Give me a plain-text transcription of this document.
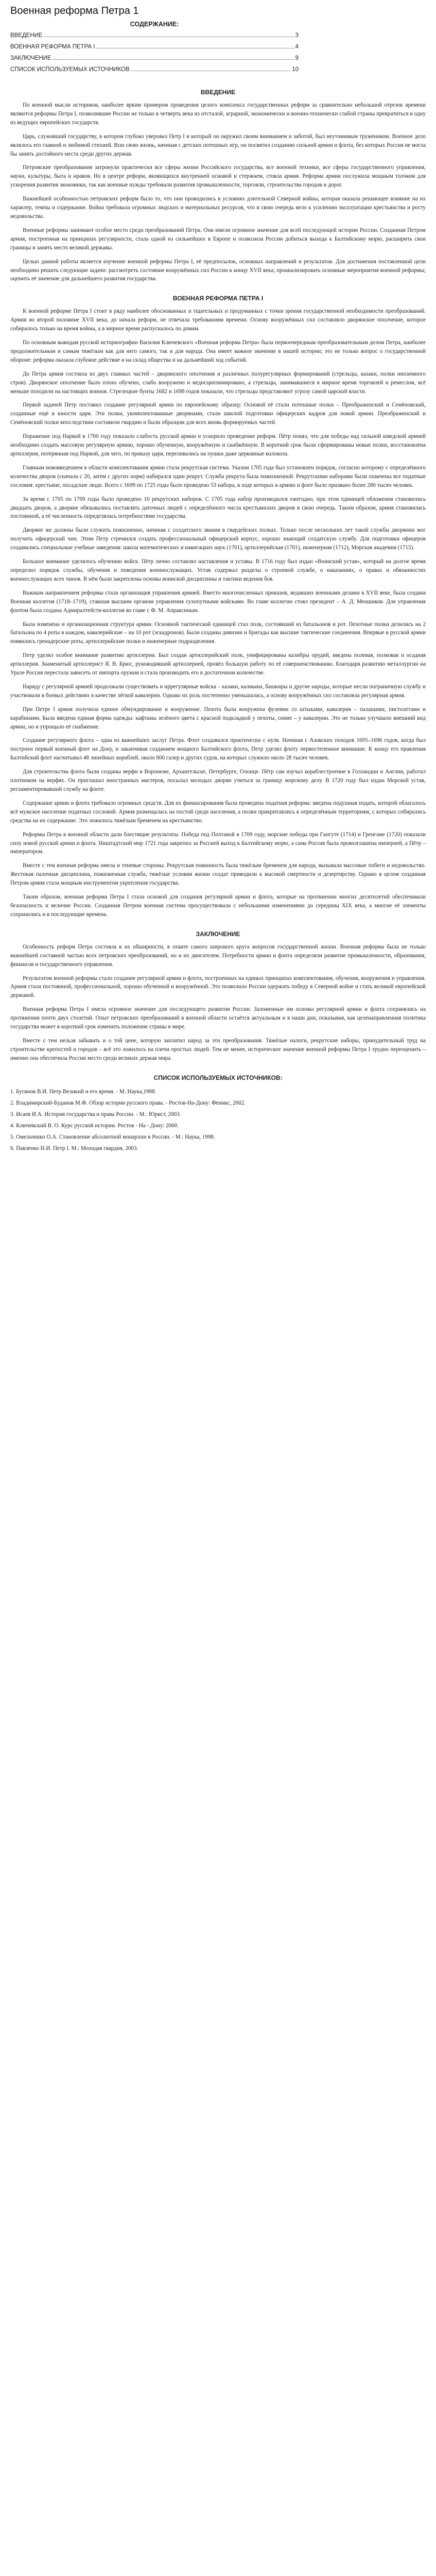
Военная реформа Петра 1
СОДЕРЖАНИЕ:
ВВЕДЕНИЕ	3
ВОЕННАЯ РЕФОРМА ПЕТРА I	4
ЗАКЛЮЧЕНИЕ	9
СПИСОК ИСПОЛЬЗУЕМЫХ ИСТОЧНИКОВ	10
ВВЕДЕНИЕ

По военной мысли историков, наиболее ярким примером проведения целого комплекса государственных реформ за сравнительно небольшой отрезок времени являются реформы Петра I, позволившие России не только в четверть века из отсталой, аграрной, экономически и военно-технически слабой страны превратиться в одну из ведущих европейских государств.

Царь, служивший государству, в котором глубоко уверовал Петр I и который он окружил своим вниманием и заботой, был неутомимым тружеником. Военное дело являлось его главной и любимой стихией. Всю свою жизнь, начиная с детских потешных игр, он посвятил созданию сильной армии и флота, без которых Россия не могла бы занять достойного места среди других держав.

Петровские преобразования затронули практически все сферы жизни Российского государства, все военной техники, все сферы государственного управления, науки, культуры, быта и нравов. Но в центре реформ, являющихся внутренней основой и стержнем, стояла армия. Реформа армии послужила мощным толчком для ускорения развития экономики, так как военные нужды требовали развития промышленности, торговли, строительства городов и дорог.

Важнейшей особенностью петровских реформ было то, что они проводились в условиях длительной Северной войны, которая оказала решающее влияние на их характер, темпы и содержание. Война требовала огромных людских и материальных ресурсов, что в свою очередь вело к усилению эксплуатации крестьянства и росту недовольства.

Военные реформы занимают особое место среди преобразований Петра. Они имели огромное значение для всей последующей истории России. Созданная Петром армия, построенная на принципах регулярности, стала одной из сильнейших в Европе и позволила России добиться выхода к Балтийскому морю, расширить свои границы и занять место великой державы.

Целью данной работы является изучение военной реформы Петра I, её предпосылок, основных направлений и результатов. Для достижения поставленной цели необходимо решить следующие задачи: рассмотреть состояние вооружённых сил России к концу XVII века; проанализировать основные мероприятия военной реформы; оценить её значение для дальнейшего развития государства.

ВОЕННАЯ РЕФОРМА ПЕТРА I

К военной реформе Петра I стоит в ряду наиболее обоснованных и тщательных и продуманных с точки зрения государственной необходимости преобразований. Армия во второй половине XVII века, до начала реформ, не отвечала требованиям времени. Основу вооружённых сил составляло дворянское ополчение, которое собиралось только на время войны, а в мирное время распускалось по домам.

По основным выводам русской историографии Василия Ключевского «Военная реформа Петра» была первоочередным преобразовательным делом Петра, наиболее продолжительным и самым тяжёлым как для него самого, так и для народа. Она имеет важное значение в нашей истории; это не только вопрос о государственной обороне: реформа оказала глубокое действие и на склад общества и на дальнейший ход событий.

До Петра армия состояла из двух главных частей – дворянского ополчения и различных полурегулярных формирований (стрельцы, казаки, полки иноземного строя). Дворянское ополчение было плохо обучено, слабо вооружено и недисциплинировано, а стрельцы, занимавшиеся в мирное время торговлей и ремеслом, всё меньше походили на настоящих воинов. Стрелецкие бунты 1682 и 1698 годов показали, что стрельцы представляют угрозу самой царской власти.

Первой задачей Петр поставил создание регулярной армии по европейскому образцу. Основой её стали потешные полки – Преображенский и Семёновский, созданные ещё в юности царя. Эти полки, укомплектованные дворянами, стали школой подготовки офицерских кадров для новой армии. Преображенский и Семёновский полки впоследствии составили гвардию и были образцом для всех вновь формируемых частей.

Поражение под Нарвой в 1700 году показало слабость русской армии и ускорило проведение реформ. Пётр понял, что для победы над сильной шведской армией необходимо создать массовую регулярную армию, хорошо обученную, вооружённую и снабжённую. В короткий срок были сформированы новые полки, восстановлена артиллерия, потерянная под Нарвой, для чего, по приказу царя, переливались на пушки даже церковные колокола.

Главным нововведением в области комплектования армии стала рекрутская система. Указом 1705 года был установлен порядок, согласно которому с определённого количества дворов (сначала с 20, затем с других норм) набирался один рекрут. Служба рекрута была пожизненной. Рекрутскими наборами были охвачены все податные сословия: крестьяне, посадские люди. Всего с 1699 по 1725 годы было проведено 53 набора, в ходе которых в армию и флот было призвано более 280 тысяч человек.

За время с 1705 по 1709 годы было проведено 10 рекрутских наборов. С 1705 года набор производился ежегодно, при этом единицей обложения становились двадцать дворов, а дворяне обязывались поставлять даточных людей с определённого числа крестьянских дворов в свою очередь. Таким образом, армия становилась постоянной, а её численность определялась потребностями государства.

Дворяне же должны были служить пожизненно, начиная с солдатского звания в гвардейских полках. Только после нескольких лет такой службы дворянин мог получить офицерский чин. Этим Петр стремился создать профессиональный офицерский корпус, хорошо знающий солдатскую службу. Для подготовки офицеров создавались специальные учебные заведения: школа математических и навигацких наук (1701), артиллерийская (1701), инженерная (1712), Морская академия (1715).

Большое внимание уделялось обучению войск. Пётр лично составлял наставления и уставы. В 1716 году был издан «Воинский устав», который на долгое время определил порядок службы, обучения и поведения военнослужащих. Устав содержал разделы о строевой службе, о наказаниях, о правах и обязанностях военнослужащих всех чинов. В нём были закреплены основы воинской дисциплины и тактики ведения боя.

Важным направлением реформы стала организация управления армией. Вместо многочисленных приказов, ведавших военными делами в XVII веке, была создана Военная коллегия (1718–1719), ставшая высшим органом управления сухопутными войсками. Во главе коллегии стоял президент – А. Д. Меншиков. Для управления флотом была создана Адмиралтейств-коллегия во главе с Ф. М. Апраксиным.

Была изменена и организационная структура армии. Основной тактической единицей стал полк, состоявший из батальонов и рот. Пехотные полки делились на 2 батальона по 4 роты в каждом, кавалерийские – на 10 рот (эскадронов). Были созданы дивизии и бригады как высшие тактические соединения. Впервые в русской армии появились гренадерские роты, артиллерийские полки и инженерные подразделения.

Петр уделял особое внимание развитию артиллерии. Был создан артиллерийский полк, унифицированы калибры орудий, введена полевая, полковая и осадная артиллерия. Знаменитый артиллерист Я. В. Брюс, руководивший артиллерией, провёл большую работу по её совершенствованию. Благодаря развитию металлургии на Урале Россия перестала зависеть от импорта оружия и стала производить его в достаточном количестве.

Наряду с регулярной армией продолжали существовать и иррегулярные войска – казаки, калмыки, башкиры и другие народы, которые несли пограничную службу и участвовали в боевых действиях в качестве лёгкой кавалерии. Однако их роль постепенно уменьшалась, а основу вооружённых сил составляла регулярная армия.

При Петре I армия получила единое обмундирование и вооружение. Пехота была вооружена фузеями со штыками, кавалерия – палашами, пистолетами и карабинами. Была введена единая форма одежды: кафтаны зелёного цвета с красной подкладкой у пехоты, синие – у кавалерии. Это не только улучшало внешний вид армии, но и упрощало её снабжение.

Создание регулярного флота – одна из важнейших заслуг Петра. Флот создавался практически с нуля. Начиная с Азовских походов 1695–1696 годов, когда был построен первый военный флот на Дону, и заканчивая созданием мощного Балтийского флота, Петр уделял флоту первостепенное внимание. К концу его правления Балтийский флот насчитывал 48 линейных кораблей, около 800 галер и других судов, на которых служило около 28 тысяч человек.

Для строительства флота были созданы верфи в Воронеже, Архангельске, Петербурге, Олонце. Пётр сам изучал кораблестроение в Голландии и Англии, работал плотником на верфях. Он приглашал иностранных мастеров, посылал молодых дворян учиться за границу морскому делу. В 1720 году был издан Морской устав, регламентировавший службу на флоте.

Содержание армии и флота требовало огромных средств. Для их финансирования была проведена податная реформа: введена подушная подать, которой облагалось всё мужское население податных сословий. Армия размещалась на постой среди населения, а полки прикреплялись к определённым территориям, с которых собирались средства на их содержание. Это ложилось тяжёлым бременем на крестьянство.

Реформы Петра в военной области дали блестящие результаты. Победа под Полтавой в 1709 году, морские победы при Гангуте (1714) и Гренгаме (1720) показали силу новой русской армии и флота. Ништадтский мир 1721 года закрепил за Россией выход к Балтийскому морю, а сама Россия была провозглашена империей, а Пётр – императором.

Вместе с тем военная реформа имела и теневые стороны. Рекрутская повинность была тяжёлым бременем для народа, вызывала массовые побеги и недовольство. Жестокая палочная дисциплина, пожизненная служба, тяжёлые условия жизни солдат приводили к высокой смертности и дезертирству. Однако в целом созданная Петром армия стала мощным инструментом укрепления государства.

Таким образом, военная реформа Петра I стала основой для создания регулярной армии и флота, которые на протяжении многих десятилетий обеспечивали безопасность и величие России. Созданная Петром военная система просуществовала с небольшими изменениями до середины XIX века, а многие её элементы сохранились и в последующие времена.

ЗАКЛЮЧЕНИЕ

Особенность реформ Петра состояла в их обширности, в охвате самого широкого круга вопросов государственной жизни. Военная реформа была не только важнейшей составной частью всех петровских преобразований, но и их двигателем. Потребности армии и флота определяли развитие промышленности, образования, финансов и государственного управления.

Результатом военной реформы стало создание регулярной армии и флота, построенных на единых принципах комплектования, обучения, вооружения и управления. Армия стала постоянной, профессиональной, хорошо обученной и вооружённой. Это позволило России одержать победу в Северной войне и стать великой европейской державой.

Военная реформа Петра I имела огромное значение для последующего развития России. Заложенные им основы регулярной армии и флота сохранялись на протяжении почти двух столетий. Опыт петровских преобразований в военной области остаётся актуальным и в наши дни, показывая, как целенаправленная политика государства может в короткий срок изменить положение страны в мире.

Вместе с тем нельзя забывать и о той цене, которую заплатил народ за эти преобразования. Тяжёлые налоги, рекрутские наборы, принудительный труд на строительстве крепостей и городов – всё это ложилось на плечи простых людей. Тем не менее, историческое значение военной реформы Петра I трудно переоценить – именно она обеспечила России место среди великих держав мира.

СПИСОК ИСПОЛЬЗУЕМЫХ ИСТОЧНИКОВ:
1. Бугвнов В.И. Петр Великий и его время. - М.:Наука,1998.
2. Владимирский-Буданов М.Ф. Обзор истории русского права. - Ростов-На-Дону: Феникс, 2002.
3. Исаев И.А. История государства и права России. - М.: Юрист, 2003.
4. Ключевский В. О. Курс русской истории. Ростов - На - Дону: 2000.
5. Омельченко О.А. Становление абсолютной монархии в России. - М.: Наука, 1998.
6. Павленко Н.И. Петр I. М.: Молодая гвардия, 2003.
